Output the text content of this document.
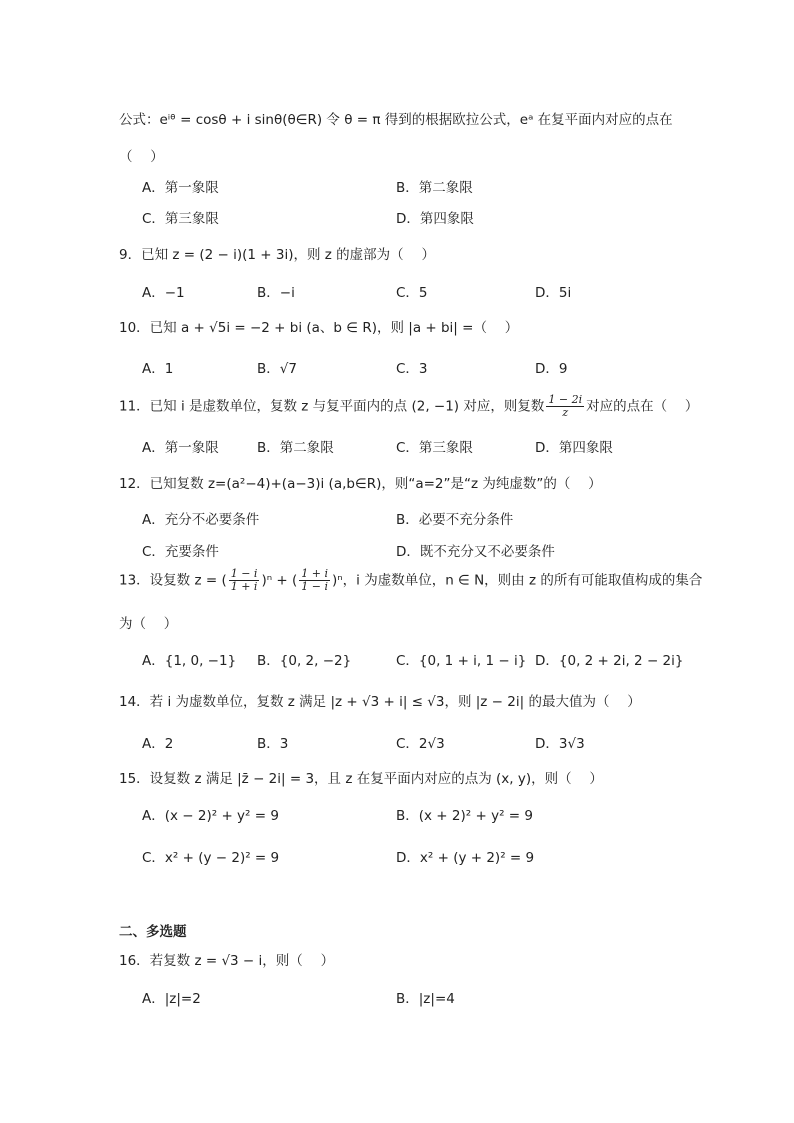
公式：eⁱᶿ = cosθ + i sinθ(θ∈R) 令 θ = π 得到的根据欧拉公式，eᵃ 在复平面内对应的点在
（　 ）
A．第一象限	B．第二象限
C．第三象限	D．第四象限
9．已知 z = (2 − i)(1 + 3i)，则 z 的虚部为（　 ）
A．−1	B．−i	C．5	D．5i
10．已知 a + √5i = −2 + bi (a、b ∈ R)，则 |a + bi| =（　 ）
A．1	B．√7	C．3	D．9
11．已知 i 是虚数单位，复数 z 与复平面内的点 (2, −1) 对应，则复数 $\frac{1 - 2i}{z}$ 对应的点在（　 ）
A．第一象限	B．第二象限	C．第三象限	D．第四象限
12．已知复数 z=(a²−4)+(a−3)i (a,b∈R)，则“a=2”是“z 为纯虚数”的（　 ）
A．充分不必要条件	B．必要不充分条件
C．充要条件	D．既不充分又不必要条件
13．设复数 z = ( $\frac{1 - i}{1 + i} )^n$ + ( $\frac{1 + i}{1 - i} )^n$，i 为虚数单位，n ∈ N，则由 z 的所有可能取值构成的集合
为（　 ）
A．{1, 0, −1} B．{0, 2, −2}	C．{0, 1 + i, 1 − i} D．{0, 2 + 2i, 2 − 2i}
14．若 i 为虚数单位，复数 z 满足 |z + √3 + i| ≤ √3，则 |z − 2i| 的最大值为（　 ）
A．2	B．3	C．2√3	D．3√3
15．设复数 z 满足 |z̄ − 2i| = 3，且 z 在复平面内对应的点为 (x, y)，则（　 ）
A．(x − 2)² + y² = 9	B．(x + 2)² + y² = 9
C．x² + (y − 2)² = 9	D．x² + (y + 2)² = 9
二、多选题
16．若复数 z = √3 − i，则（　 ）
A．|z|=2	B．|z|=4
